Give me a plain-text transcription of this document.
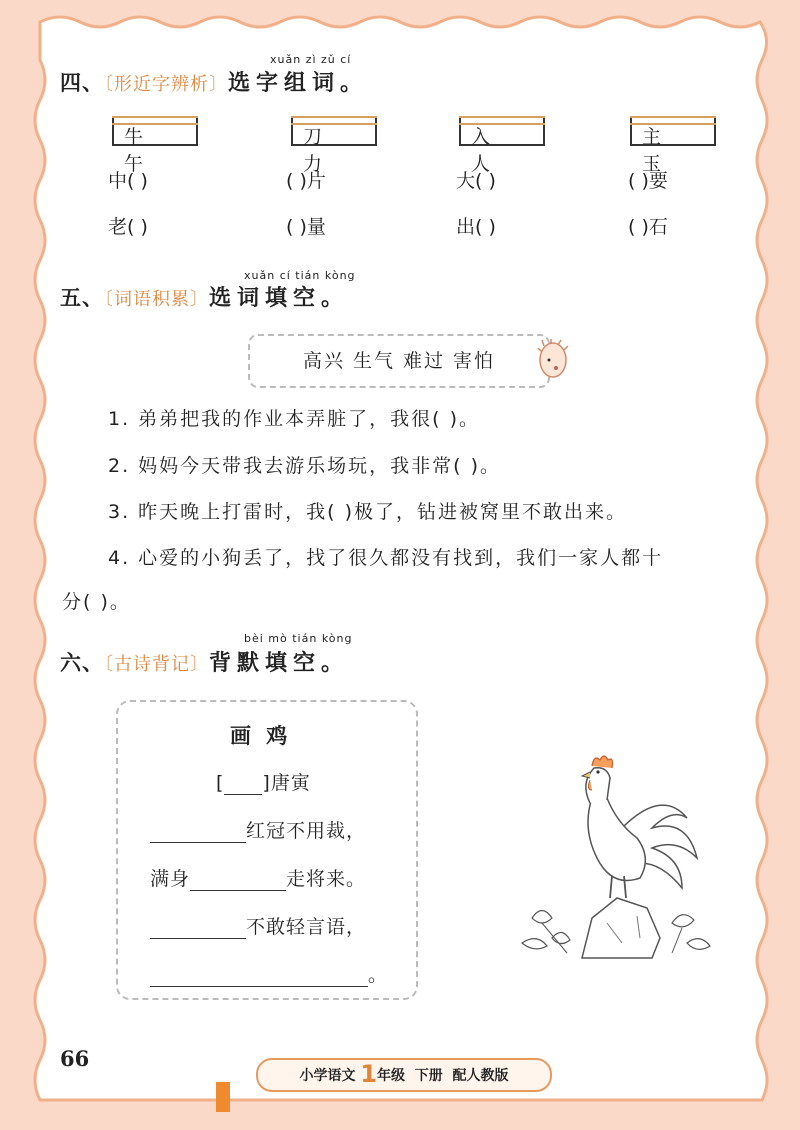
xuǎn zì zǔ cí
四、〔形近字辨析〕选字组词。
牛 午
刀 力
入 人
主 玉
中( )	( )片	大( )	( )要
老( )	( )量	出( )	( )石
xuǎn cí tián kòng
五、〔词语积累〕选词填空。
高兴 生气 难过 害怕
1. 弟弟把我的作业本弄脏了，我很( )。
2. 妈妈今天带我去游乐场玩，我非常( )。
3. 昨天晚上打雷时，我( )极了，钻进被窝里不敢出来。
4. 心爱的小狗丢了，找了很久都没有找到，我们一家人都十
分( )。
bèi mò tián kòng
六、〔古诗背记〕背默填空。
画 鸡
[ ]唐寅
红冠不用裁，
满身	走将来。
不敢轻言语，
。
66
小学语文 1年级 下册 配人教版
